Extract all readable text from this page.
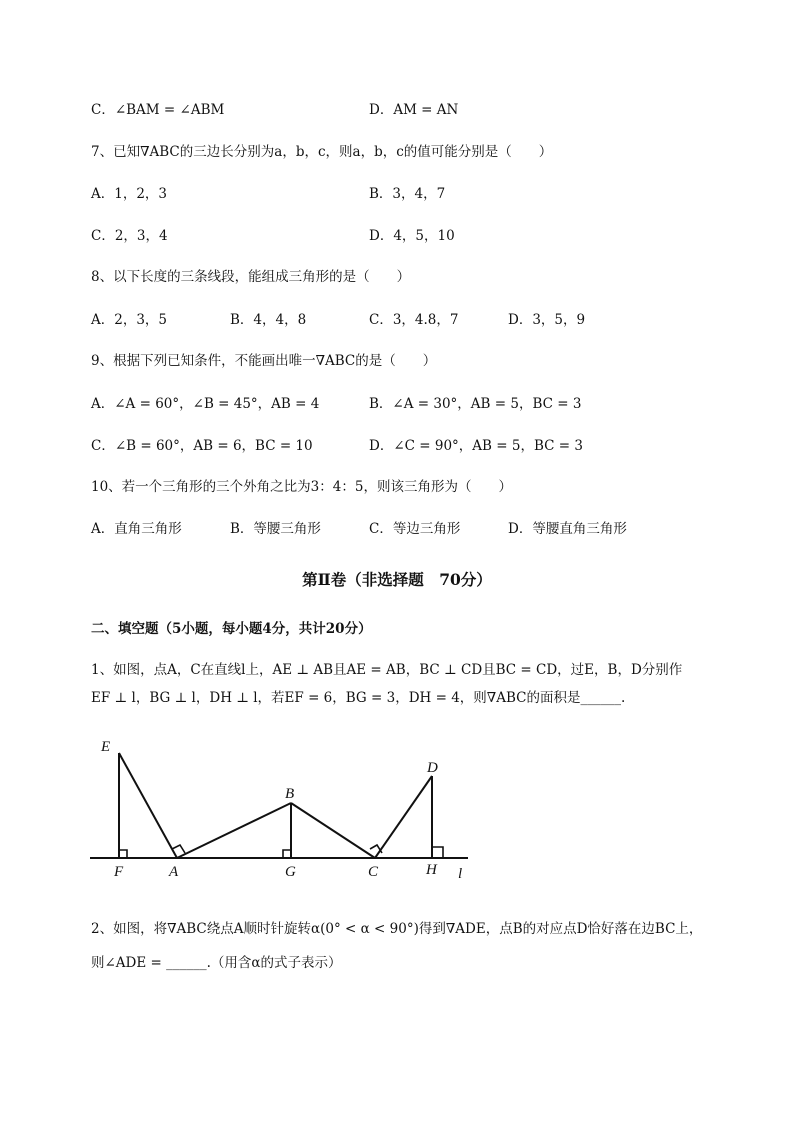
C．∠BAM = ∠ABM	D．AM = AN
7、已知∇ABC的三边长分别为a，b，c，则a，b，c的值可能分别是（　　）
A．1，2，3	B．3，4，7
C．2，3，4	D．4，5，10
8、以下长度的三条线段，能组成三角形的是（　　）
A．2，3，5	B．4，4，8	C．3，4.8，7	D．3，5，9
9、根据下列已知条件，不能画出唯一∇ABC的是（　　）
A．∠A = 60°，∠B = 45°，AB = 4	B．∠A = 30°，AB = 5，BC = 3
C．∠B = 60°，AB = 6，BC = 10	D．∠C = 90°，AB = 5，BC = 3
10、若一个三角形的三个外角之比为3：4：5，则该三角形为（　　）
A．直角三角形	B．等腰三角形	C．等边三角形	D．等腰直角三角形
第Ⅱ卷（非选择题　70分）
二、填空题（5小题，每小题4分，共计20分）
1、如图，点A，C在直线l上，AE ⊥ AB且AE = AB，BC ⊥ CD且BC = CD，过E，B，D分别作
EF ⊥ l，BG ⊥ l，DH ⊥ l，若EF = 6，BG = 3，DH = 4，则∇ABC的面积是______.
E
F	A
B
G	C
D
H l
2、如图，将∇ABC绕点A顺时针旋转α(0° < α < 90°)得到∇ADE，点B的对应点D恰好落在边BC上，
则∠ADE = ______.（用含α的式子表示）
